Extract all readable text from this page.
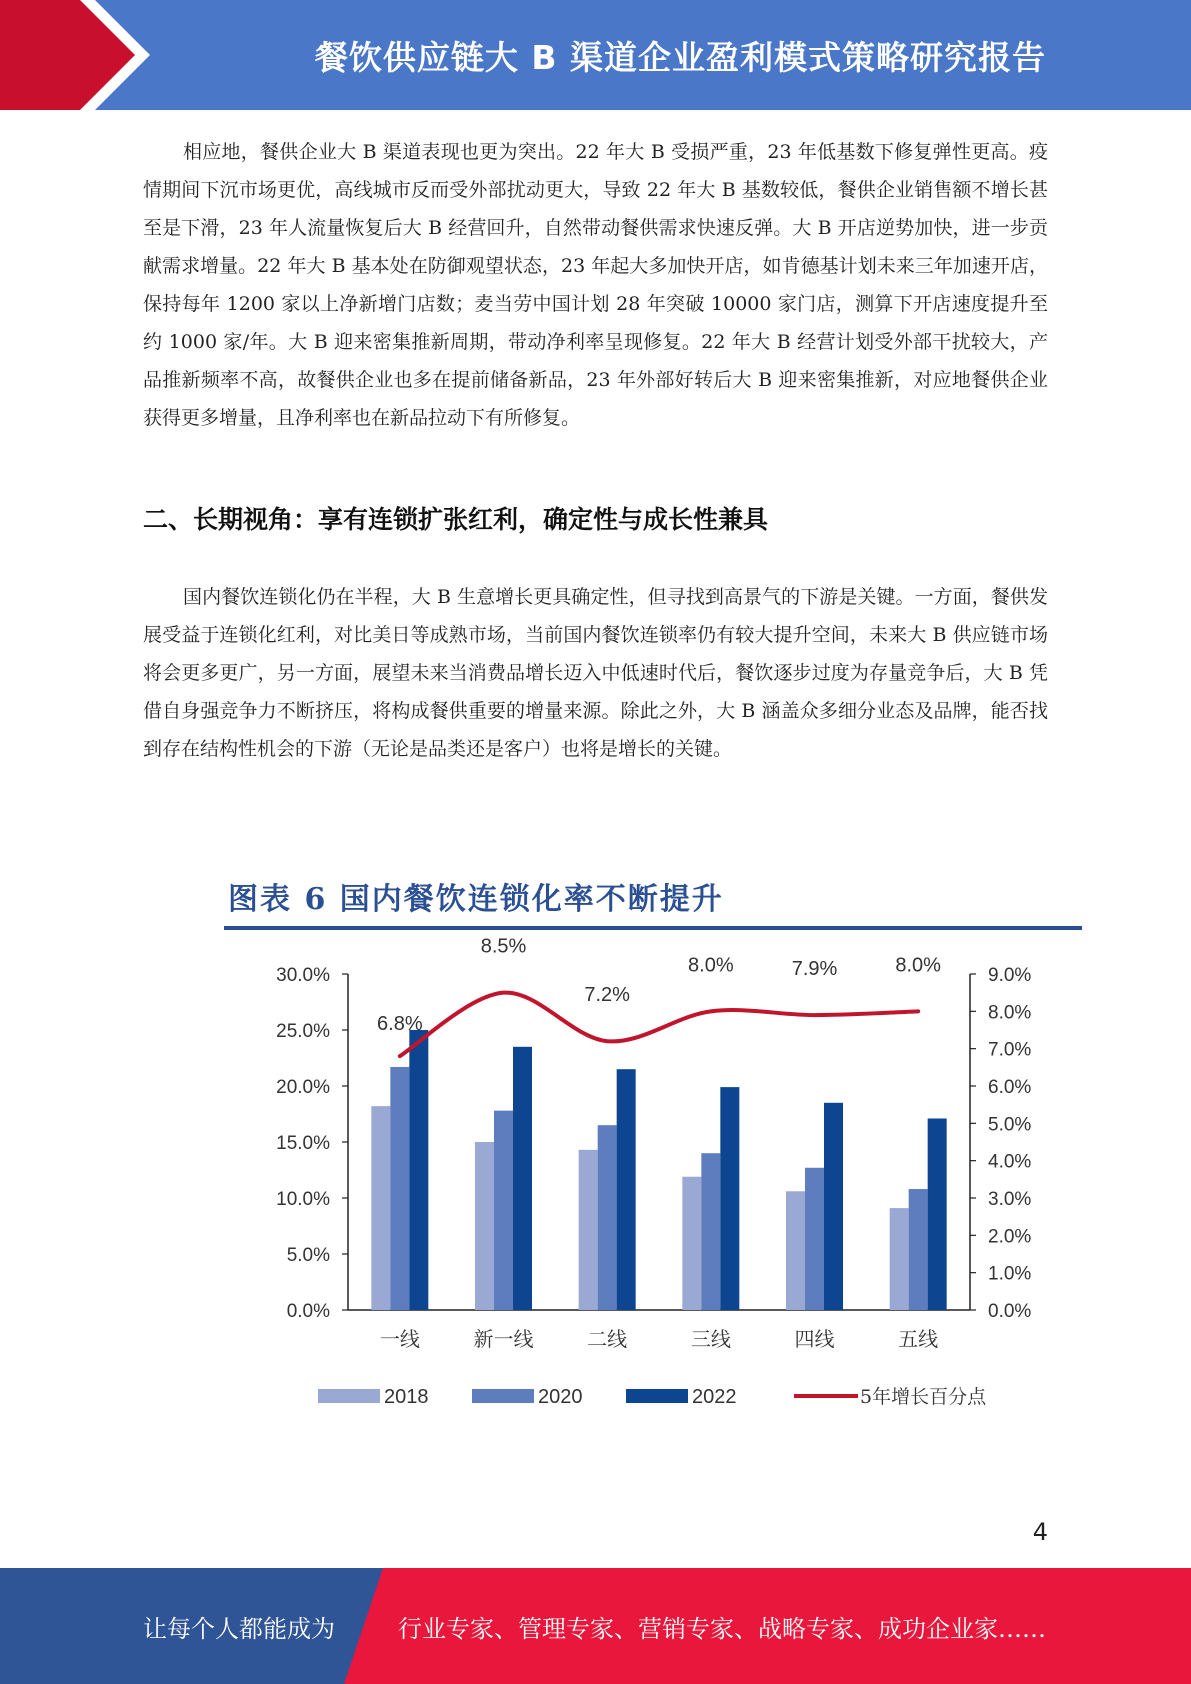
餐饮供应链大 B 渠道企业盈利模式策略研究报告

相应地，餐供企业大 B 渠道表现也更为突出。22 年大 B 受损严重，23 年低基数下修复弹性更高。疫情期间下沉市场更优，高线城市反而受外部扰动更大，导致 22 年大 B 基数较低，餐供企业销售额不增长甚至是下滑，23 年人流量恢复后大 B 经营回升，自然带动餐供需求快速反弹。大 B 开店逆势加快，进一步贡献需求增量。22 年大 B 基本处在防御观望状态，23 年起大多加快开店，如肯德基计划未来三年加速开店，保持每年 1200 家以上净新增门店数；麦当劳中国计划 28 年突破 10000 家门店，测算下开店速度提升至约 1000 家/年。大 B 迎来密集推新周期，带动净利率呈现修复。22 年大 B 经营计划受外部干扰较大，产品推新频率不高，故餐供企业也多在提前储备新品，23 年外部好转后大 B 迎来密集推新，对应地餐供企业获得更多增量，且净利率也在新品拉动下有所修复。

二、长期视角：享有连锁扩张红利，确定性与成长性兼具

国内餐饮连锁化仍在半程，大 B 生意增长更具确定性，但寻找到高景气的下游是关键。一方面，餐供发展受益于连锁化红利，对比美日等成熟市场，当前国内餐饮连锁率仍有较大提升空间，未来大 B 供应链市场将会更多更广，另一方面，展望未来当消费品增长迈入中低速时代后，餐饮逐步过度为存量竞争后，大 B 凭借自身强竞争力不断挤压，将构成餐供重要的增量来源。除此之外，大 B 涵盖众多细分业态及品牌，能否找到存在结构性机会的下游（无论是品类还是客户）也将是增长的关键。

图表 6 国内餐饮连锁化率不断提升
0.0%
5.0%
10.0%
15.0%
20.0%
25.0%
30.0%
0.0%
1.0%
2.0%
3.0%
4.0%
5.0%
6.0%
7.0%
8.0%
9.0%
一线	新一线	二线	三线	四线	五线
6.8%
8.5%
7.2%
8.0%	7.9%	8.0%
2018	2020	2022	5年增长百分点
4
让每个人都能成为	行业专家、管理专家、营销专家、战略专家、成功企业家……
